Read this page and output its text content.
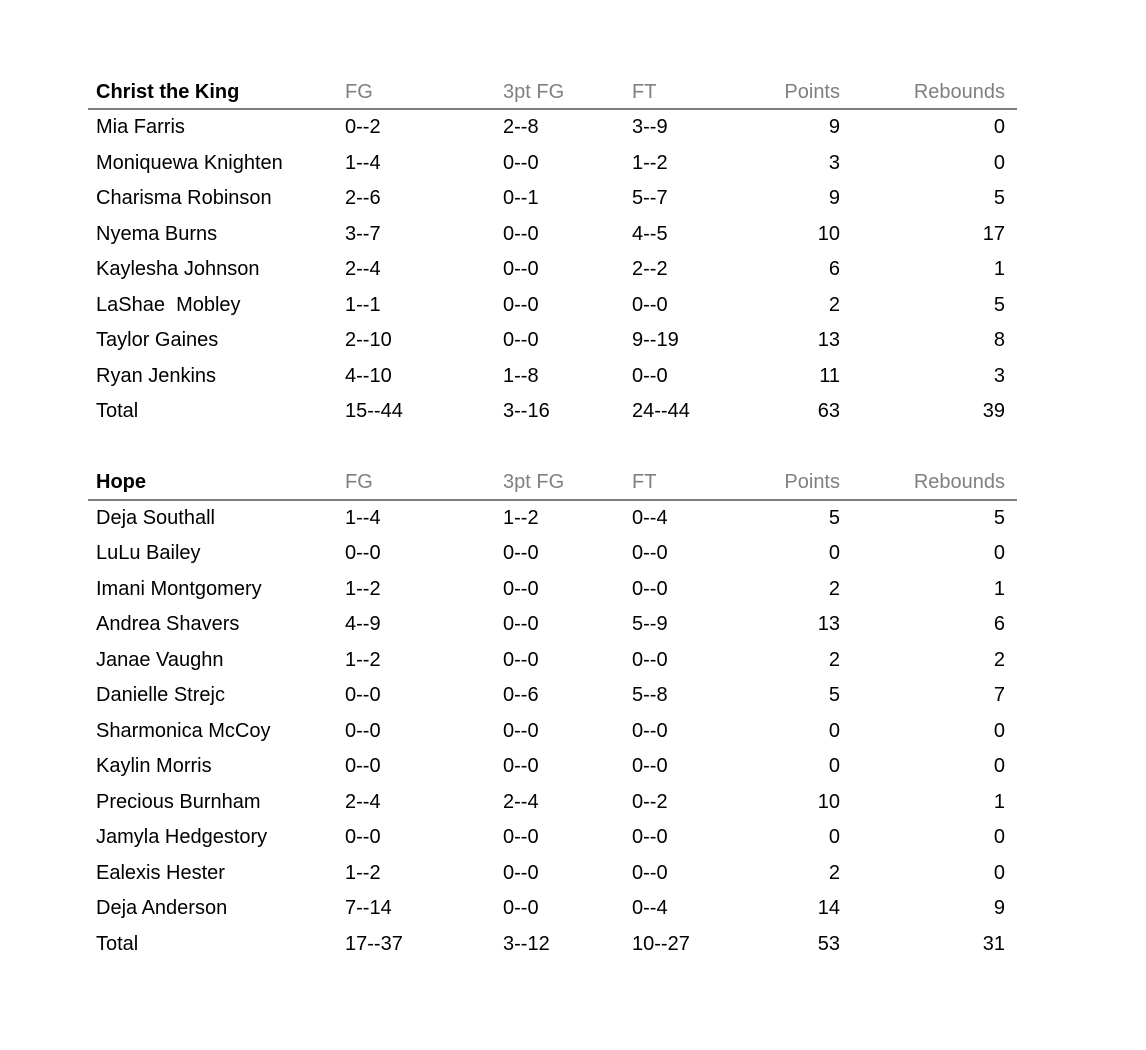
Christ the King	FG	3pt FG	FT	Points	Rebounds
Mia Farris	0--2	2--8	3--9	9	0
Moniquewa Knighten	1--4	0--0	1--2	3	0
Charisma Robinson	2--6	0--1	5--7	9	5
Nyema Burns	3--7	0--0	4--5	10	17
Kaylesha Johnson	2--4	0--0	2--2	6	1
LaShae  Mobley	1--1	0--0	0--0	2	5
Taylor Gaines	2--10	0--0	9--19	13	8
Ryan Jenkins	4--10	1--8	0--0	11	3
Total	15--44	3--16	24--44	63	39
Hope	FG	3pt FG	FT	Points	Rebounds
Deja Southall	1--4	1--2	0--4	5	5
LuLu Bailey	0--0	0--0	0--0	0	0
Imani Montgomery	1--2	0--0	0--0	2	1
Andrea Shavers	4--9	0--0	5--9	13	6
Janae Vaughn	1--2	0--0	0--0	2	2
Danielle Strejc	0--0	0--6	5--8	5	7
Sharmonica McCoy	0--0	0--0	0--0	0	0
Kaylin Morris	0--0	0--0	0--0	0	0
Precious Burnham	2--4	2--4	0--2	10	1
Jamyla Hedgestory	0--0	0--0	0--0	0	0
Ealexis Hester	1--2	0--0	0--0	2	0
Deja Anderson	7--14	0--0	0--4	14	9
Total	17--37	3--12	10--27	53	31
